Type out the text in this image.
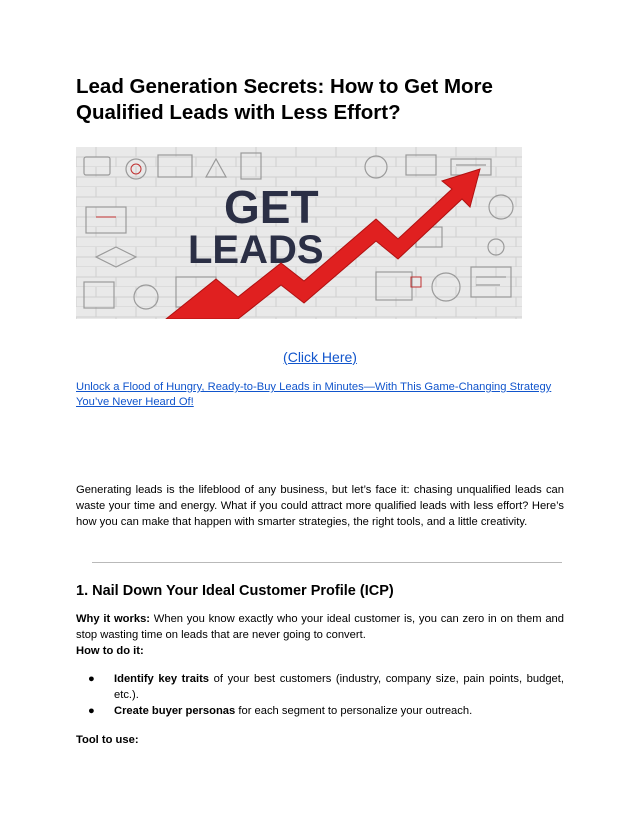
Lead Generation Secrets: How to Get More Qualified Leads with Less Effort?
GET
LEADS
(Click Here)
Unlock a Flood of Hungry, Ready-to-Buy Leads in Minutes—With This Game-Changing Strategy You’ve Never Heard Of!

Generating leads is the lifeblood of any business, but let’s face it: chasing unqualified leads can waste your time and energy. What if you could attract more qualified leads with less effort? Here’s how you can make that happen with smarter strategies, the right tools, and a little creativity.

1. Nail Down Your Ideal Customer Profile (ICP)

Why it works: When you know exactly who your ideal customer is, you can zero in on them and stop wasting time on leads that are never going to convert.

How to do it:
● Identify key traits of your best customers (industry, company size, pain points, budget, etc.).
● Create buyer personas for each segment to personalize your outreach.
Tool to use:
